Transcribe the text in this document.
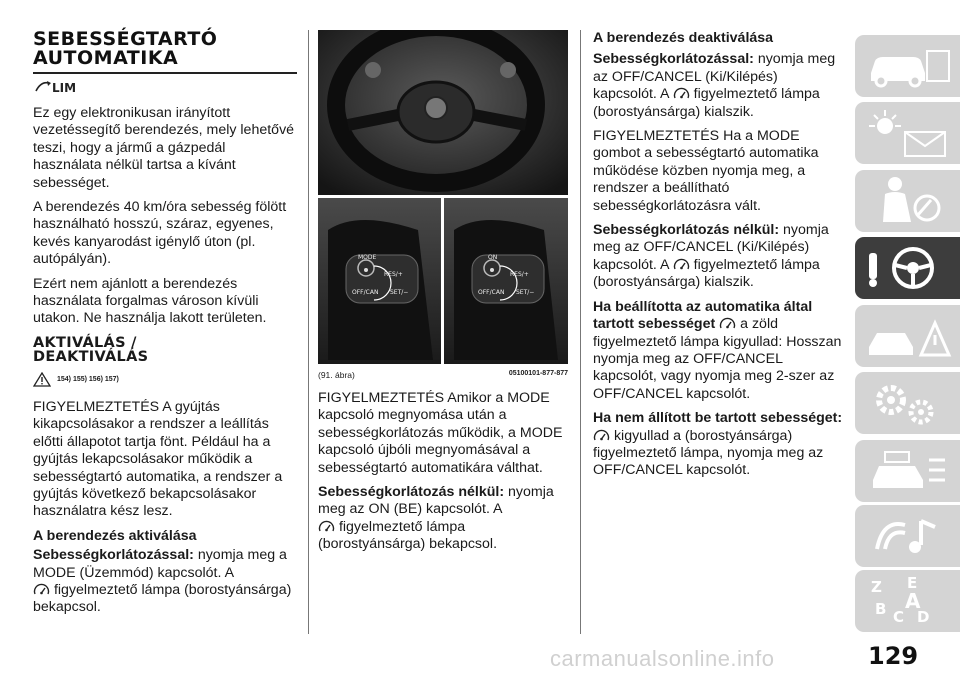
SEBESSÉGTARTÓ
AUTOMATIKA
LIM

Ez egy elektronikusan irányított vezetéssegítő berendezés, mely lehetővé teszi, hogy a jármű a gázpedál használata nélkül tartsa a kívánt sebességet.

A berendezés 40 km/óra sebesség fölött használható hosszú, száraz, egyenes, kevés kanyarodást igénylő úton (pl. autópályán).

Ezért nem ajánlott a berendezés használata forgalmas városon kívüli utakon. Ne használja lakott területen.

AKTIVÁLÁS /
DEAKTIVÁLÁS
154) 155) 156) 157)

FIGYELMEZTETÉS A gyújtás kikapcsolásakor a rendszer a leállítás előtti állapotot tartja fönt. Például ha a gyújtás lekapcsolásakor működik a sebességtartó automatika, a rendszer a gyújtás következő bekapcsolásakor használatra kész lesz.

A berendezés aktiválása

Sebességkorlátozással: nyomja meg a MODE (Üzemmód) kapcsolót. A
figyelmeztető lámpa (borostyánsárga) bekapcsol.

MODE	ON
RES/+	RES/+
OFF/CAN	OFF/CAN
SET/−	SET/−
(91. ábra)	05100101-877-877

FIGYELMEZTETÉS Amikor a MODE kapcsoló megnyomása után a sebességkorlátozás működik, a MODE kapcsoló újbóli megnyomásával a sebességtartó automatikára válthat.

Sebességkorlátozás nélkül: nyomja meg az ON (BE) kapcsolót. A
figyelmeztető lámpa (borostyánsárga) bekapcsol.

A berendezés deaktiválása

Sebességkorlátozással: nyomja meg az OFF/CANCEL (Ki/Kilépés) kapcsolót. A figyelmeztető lámpa (borostyánsárga) kialszik.

FIGYELMEZTETÉS Ha a MODE gombot a sebességtartó automatika működése közben nyomja meg, a rendszer a beállítható sebességkorlátozásra vált.

Sebességkorlátozás nélkül: nyomja meg az OFF/CANCEL (Ki/Kilépés) kapcsolót. A figyelmeztető lámpa (borostyánsárga) kialszik.

Ha beállította az automatika által tartott sebességet a zöld figyelmeztető lámpa kigyullad: Hosszan nyomja meg az OFF/CANCEL kapcsolót, vagy nyomja meg 2-szer az OFF/CANCEL kapcsolót.

Ha nem állított be tartott sebességet:  kigyullad a (borostyánsárga) figyelmeztető lámpa, nyomja meg az OFF/CANCEL kapcsolót.

Z E
B C
A
D
129
carmanualsonline.info
